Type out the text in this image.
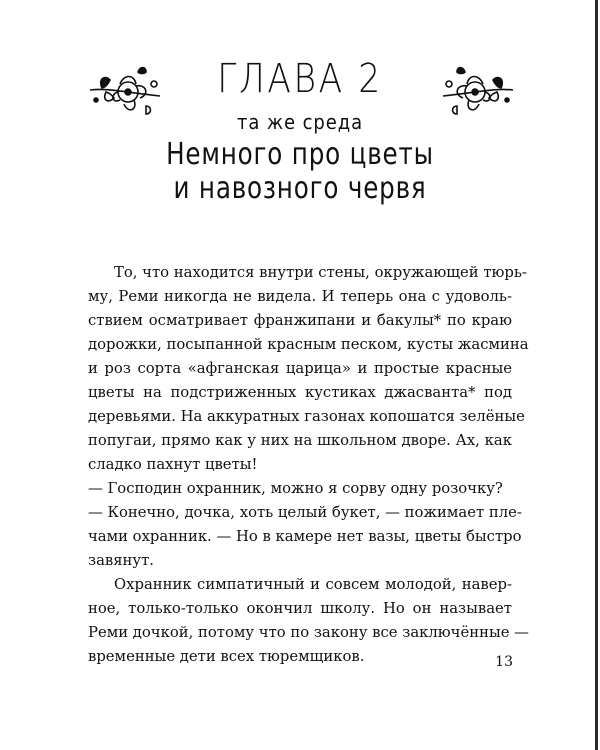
ГЛАВА 2
та же среда
Немного про цветы
и навозного червя
То, что находится внутри стены, окружающей тюрь-
му, Реми никогда не видела. И теперь она с удоволь-
ствием осматривает франжипани и бакулы* по краю
дорожки, посыпанной красным песком, кусты жасмина
и роз сорта «афганская царица» и простые красные
цветы на подстриженных кустиках джасванта* под
деревьями. На аккуратных газонах копошатся зелёные
попугаи, прямо как у них на школьном дворе. Ах, как
сладко пахнут цветы!
— Господин охранник, можно я сорву одну розочку?
— Конечно, дочка, хоть целый букет, — пожимает пле-
чами охранник. — Но в камере нет вазы, цветы быстро
завянут.
Охранник симпатичный и совсем молодой, навер-
ное, только-только окончил школу. Но он называет
Реми дочкой, потому что по закону все заключённые —
временные дети всех тюремщиков.	13
